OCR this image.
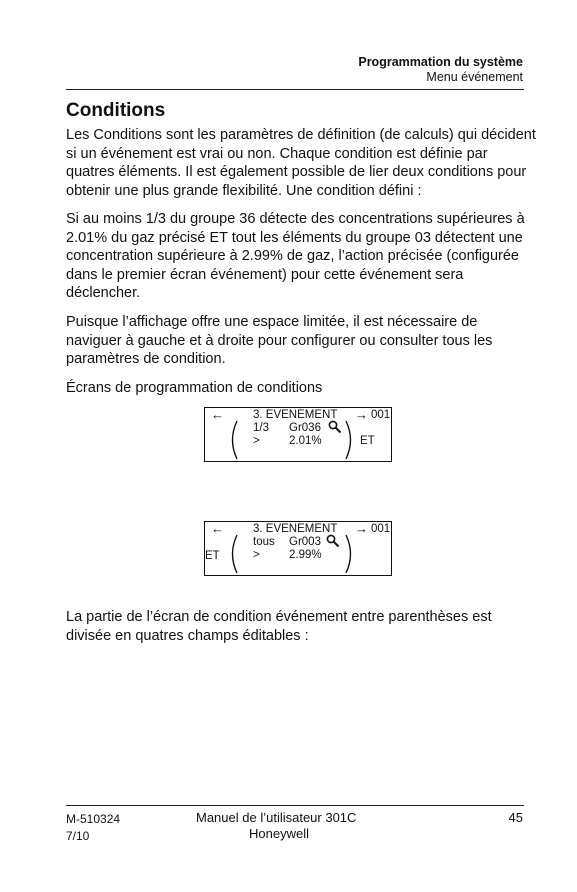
Programmation du système
Menu événement
Conditions

Les Conditions sont les paramètres de définition (de calculs) qui décident si un événement est vrai ou non. Chaque condition est définie par quatres éléments. Il est également possible de lier deux conditions pour obtenir une plus grande flexibilité. Une condition défini :

Si au moins 1/3 du groupe 36 détecte des concentrations supérieures à 2.01% du gaz précisé ET tout les éléments du groupe 03 détectent une concentration supérieure à 2.99% de gaz, l’action précisée (configurée dans le premier écran événement) pour cette événement sera déclencher.

Puisque l’affichage offre une espace limitée, il est nécessaire de naviguer à gauche et à droite pour configurer ou consulter tous les paramètres de condition.

Écrans de programmation de conditions

←	3. EVENEMENT → 001
1/3 Gr036
>	2.01%	ET
←	3. EVENEMENT → 001
ET
tous Gr003
>	2.99%

La partie de l’écran de condition événement entre parenthèses est divisée en quatres champs éditables :

M-510324
7/10
Manuel de l’utilisateur 301C
Honeywell
45
